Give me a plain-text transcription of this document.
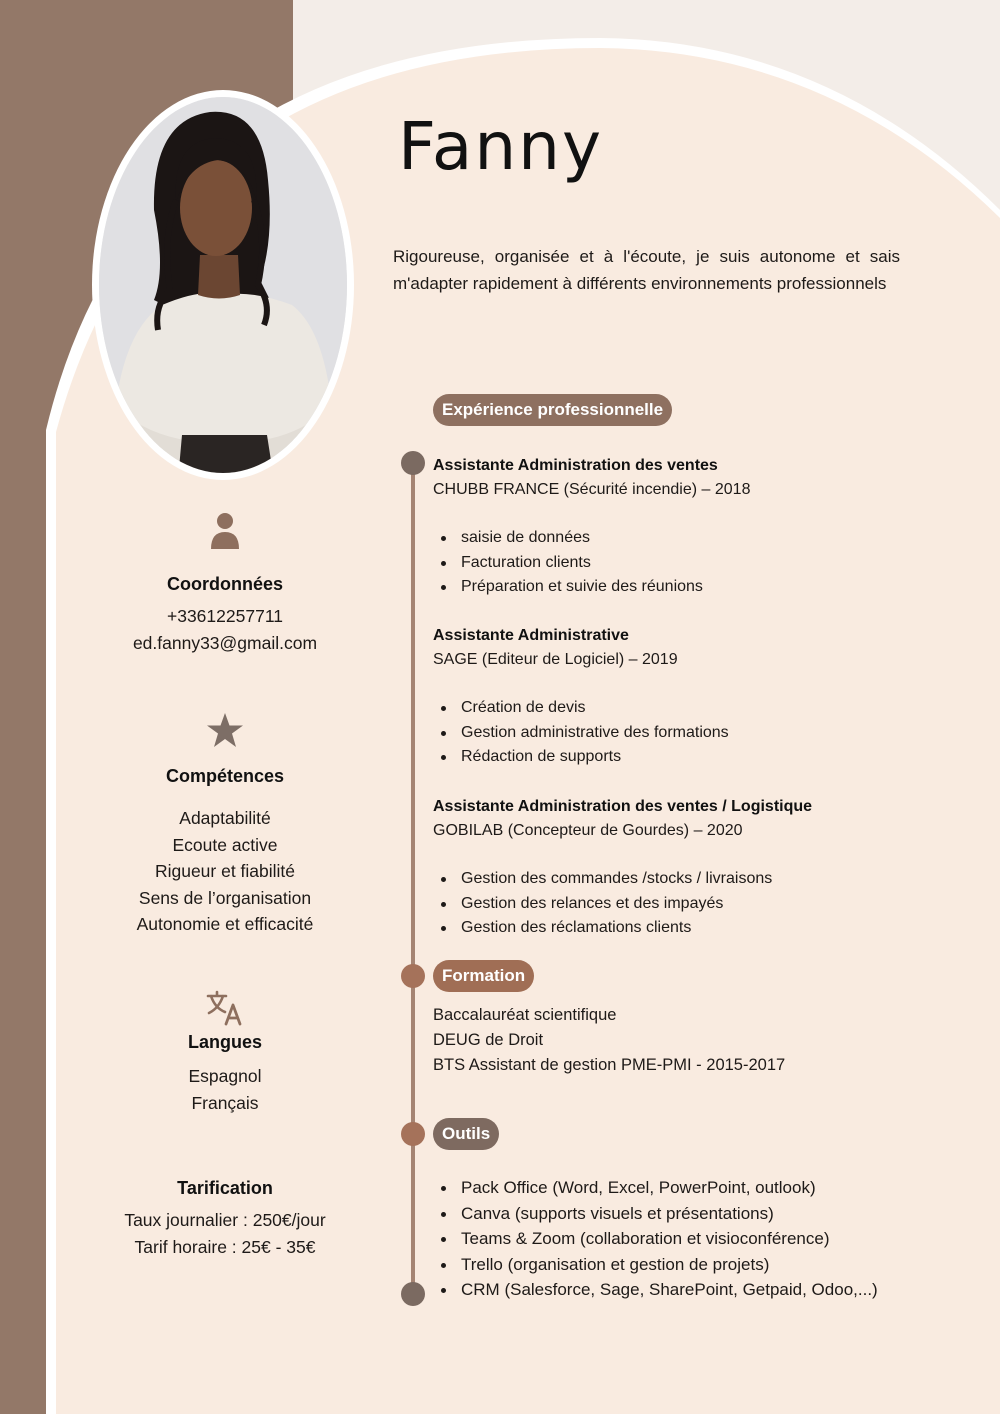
Fanny

Rigoureuse, organisée et à l'écoute, je suis autonome et sais m'adapter rapidement à différents environnements professionnels

Coordonnées

+33612257711

ed.fanny33@gmail.com

Compétences

Adaptabilité

Ecoute active

Rigueur et fiabilité

Sens de l’organisation

Autonomie et efficacité

Langues

Espagnol

Français

Tarification

Taux journalier : 250€/jour

Tarif horaire : 25€ - 35€

Expérience professionnelle

Assistante Administration des ventes

CHUBB FRANCE (Sécurité incendie) – 2018

saisie de données
Facturation clients
Préparation et suivie des réunions

Assistante Administrative

SAGE (Editeur de Logiciel) – 2019

Création de devis
Gestion administrative des formations
Rédaction de supports

Assistante Administration des ventes / Logistique

GOBILAB (Concepteur de Gourdes) – 2020

Gestion des commandes /stocks / livraisons
Gestion des relances et des impayés
Gestion des réclamations clients
Formation

Baccalauréat scientifique

DEUG de Droit

BTS Assistant de gestion PME-PMI - 2015-2017

Outils
Pack Office (Word, Excel, PowerPoint, outlook)
Canva (supports visuels et présentations)
Teams & Zoom (collaboration et visioconférence)
Trello (organisation et gestion de projets)
CRM (Salesforce, Sage, SharePoint, Getpaid, Odoo,...)
